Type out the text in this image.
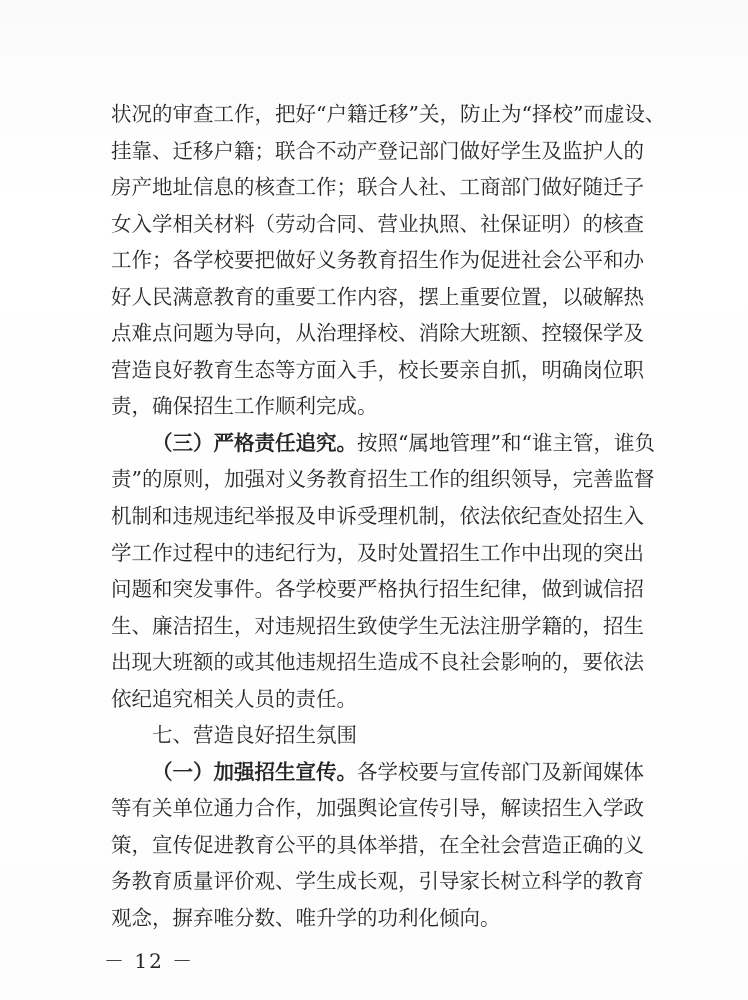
状况的审查工作，把好“户籍迁移”关，防止为“择校”而虚设、
挂靠、迁移户籍；联合不动产登记部门做好学生及监护人的
房产地址信息的核查工作；联合人社、工商部门做好随迁子
女入学相关材料（劳动合同、营业执照、社保证明）的核查
工作；各学校要把做好义务教育招生作为促进社会公平和办
好人民满意教育的重要工作内容，摆上重要位置，以破解热
点难点问题为导向，从治理择校、消除大班额、控辍保学及
营造良好教育生态等方面入手，校长要亲自抓，明确岗位职
责，确保招生工作顺利完成。
（三）严格责任追究。按照“属地管理”和“谁主管，谁负
责”的原则，加强对义务教育招生工作的组织领导，完善监督
机制和违规违纪举报及申诉受理机制，依法依纪查处招生入
学工作过程中的违纪行为，及时处置招生工作中出现的突出
问题和突发事件。各学校要严格执行招生纪律，做到诚信招
生、廉洁招生，对违规招生致使学生无法注册学籍的，招生
出现大班额的或其他违规招生造成不良社会影响的，要依法
依纪追究相关人员的责任。
七、营造良好招生氛围
（一）加强招生宣传。各学校要与宣传部门及新闻媒体
等有关单位通力合作，加强舆论宣传引导，解读招生入学政
策，宣传促进教育公平的具体举措，在全社会营造正确的义
务教育质量评价观、学生成长观，引导家长树立科学的教育
观念，摒弃唯分数、唯升学的功利化倾向。
－ 12 －
